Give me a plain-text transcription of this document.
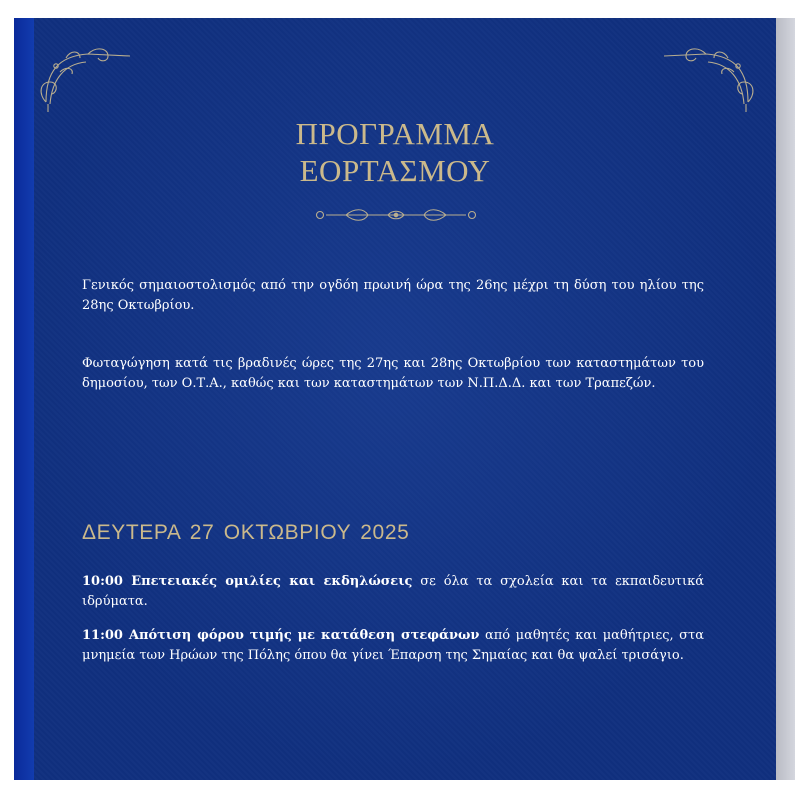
ΠΡΟΓΡΑΜΜΑ
ΕΟΡΤΑΣΜΟΥ
Γενικός σημαιοστολισμός από την ογδόη πρωινή ώρα της 26ης μέχρι τη δύση του ηλίου της 28ης Οκτωβρίου.
Φωταγώγηση κατά τις βραδινές ώρες της 27ης και 28ης Οκτωβρίου των καταστημάτων του δημοσίου, των Ο.Τ.Α., καθώς και των καταστημάτων των Ν.Π.Δ.Δ. και των Τραπεζών.
ΔΕΥΤΕΡΑ 27 ΟΚΤΩΒΡΙΟΥ 2025
10:00 Επετειακές ομιλίες και εκδηλώσεις σε όλα τα σχολεία και τα εκπαιδευτικά ιδρύματα.
11:00 Απότιση φόρου τιμής με κατάθεση στεφάνων από μαθητές και μαθήτριες, στα μνημεία των Ηρώων της Πόλης όπου θα γίνει Έπαρση της Σημαίας και θα ψαλεί τρισάγιο.
